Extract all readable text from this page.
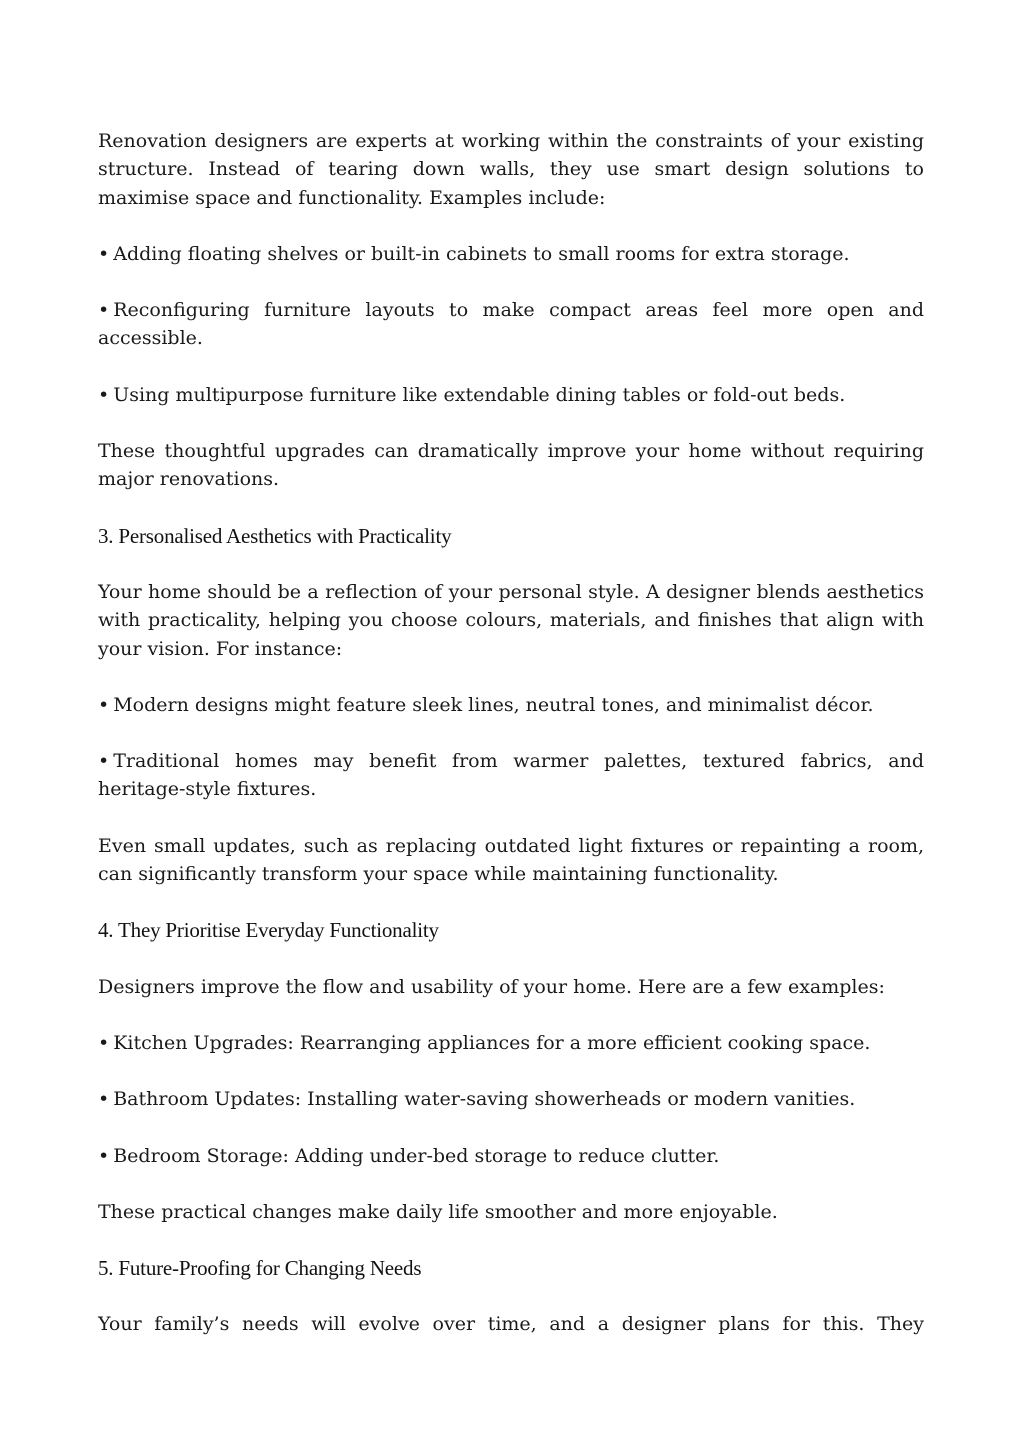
Renovation designers are experts at working within the constraints of your existing structure. Instead of tearing down walls, they use smart design solutions to maximise space and functionality. Examples include:

• Adding floating shelves or built-in cabinets to small rooms for extra storage.

• Reconfiguring furniture layouts to make compact areas feel more open and accessible.

• Using multipurpose furniture like extendable dining tables or fold-out beds.

These thoughtful upgrades can dramatically improve your home without requiring major renovations.

3. Personalised Aesthetics with Practicality

Your home should be a reflection of your personal style. A designer blends aesthetics with practicality, helping you choose colours, materials, and finishes that align with your vision. For instance:

• Modern designs might feature sleek lines, neutral tones, and minimalist décor.

• Traditional homes may benefit from warmer palettes, textured fabrics, and heritage-style fixtures.

Even small updates, such as replacing outdated light fixtures or repainting a room, can significantly transform your space while maintaining functionality.

4. They Prioritise Everyday Functionality

Designers improve the flow and usability of your home. Here are a few examples:

• Kitchen Upgrades: Rearranging appliances for a more efficient cooking space.

• Bathroom Updates: Installing water-saving showerheads or modern vanities.

• Bedroom Storage: Adding under-bed storage to reduce clutter.

These practical changes make daily life smoother and more enjoyable.

5. Future-Proofing for Changing Needs

Your family’s needs will evolve over time, and a designer plans for this. They
